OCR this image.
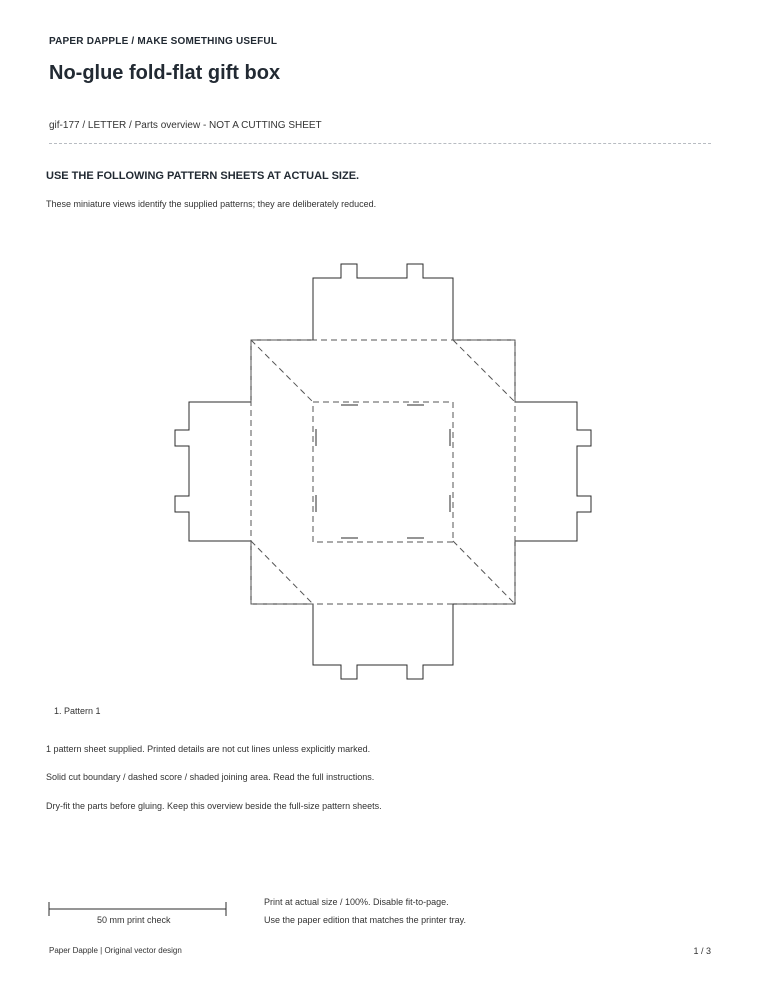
PAPER DAPPLE / MAKE SOMETHING USEFUL
No-glue fold-flat gift box
gif-177 / LETTER / Parts overview - NOT A CUTTING SHEET
USE THE FOLLOWING PATTERN SHEETS AT ACTUAL SIZE.
These miniature views identify the supplied patterns; they are deliberately reduced.
1. Pattern 1
1 pattern sheet supplied. Printed details are not cut lines unless explicitly marked.
Solid cut boundary / dashed score / shaded joining area. Read the full instructions.
Dry-fit the parts before gluing. Keep this overview beside the full-size pattern sheets.
50 mm print check
Print at actual size / 100%. Disable fit-to-page.
Use the paper edition that matches the printer tray.
Paper Dapple | Original vector design	1 / 3
